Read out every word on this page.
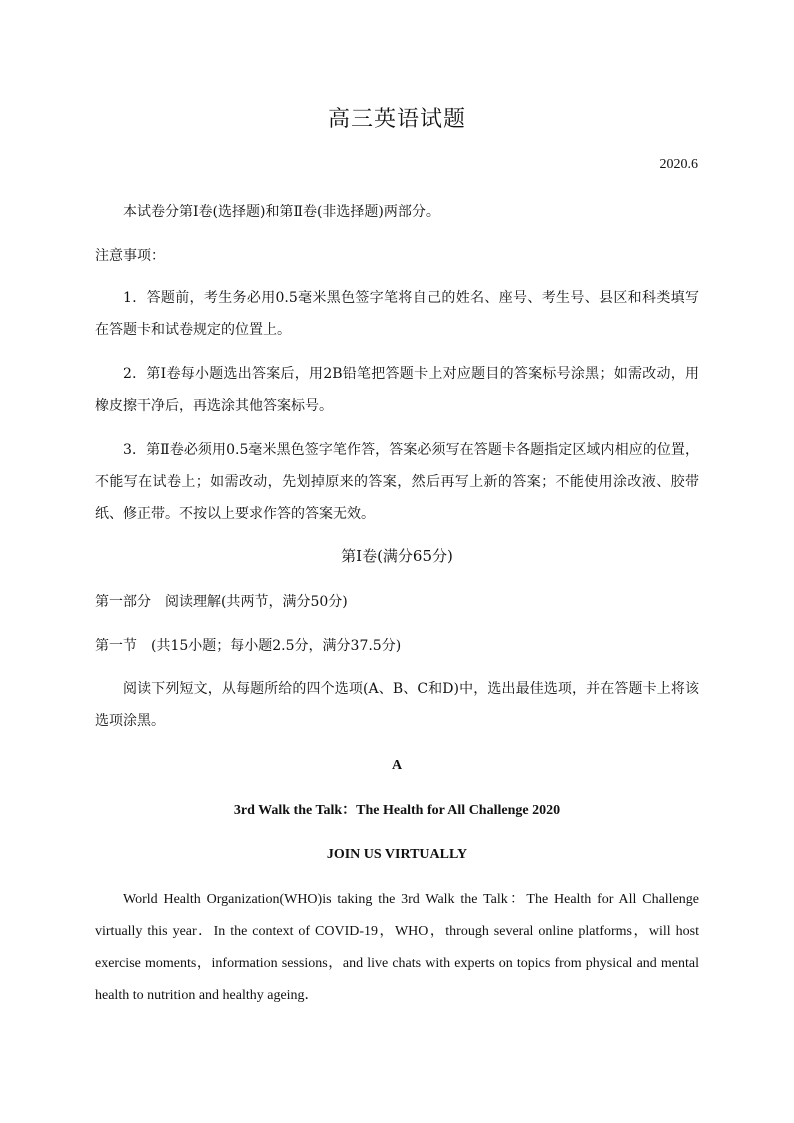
高三英语试题
2020.6

本试卷分第Ⅰ卷(选择题)和第Ⅱ卷(非选择题)两部分。

注意事项：

1．答题前，考生务必用0.5毫米黑色签字笔将自己的姓名、座号、考生号、县区和科类填写在答题卡和试卷规定的位置上。

2．第Ⅰ卷每小题选出答案后，用2B铅笔把答题卡上对应题目的答案标号涂黑；如需改动，用橡皮擦干净后，再选涂其他答案标号。

3．第Ⅱ卷必须用0.5毫米黑色签字笔作答，答案必须写在答题卡各题指定区域内相应的位置，不能写在试卷上；如需改动，先划掉原来的答案，然后再写上新的答案；不能使用涂改液、胶带纸、修正带。不按以上要求作答的答案无效。

第Ⅰ卷(满分65分)

第一部分　阅读理解(共两节，满分50分)

第一节　(共15小题；每小题2.5分，满分37.5分)

阅读下列短文，从每题所给的四个选项(A、B、C和D)中，选出最佳选项，并在答题卡上将该选项涂黑。

A

3rd Walk the Talk：The Health for All Challenge 2020

JOIN US VIRTUALLY

World Health Organization(WHO)is taking the 3rd Walk the Talk：The Health for All Challenge virtually this year．In the context of COVID-19，WHO，through several online platforms，will host exercise moments，information sessions，and live chats with experts on topics from physical and mental health to nutrition and healthy ageing．
